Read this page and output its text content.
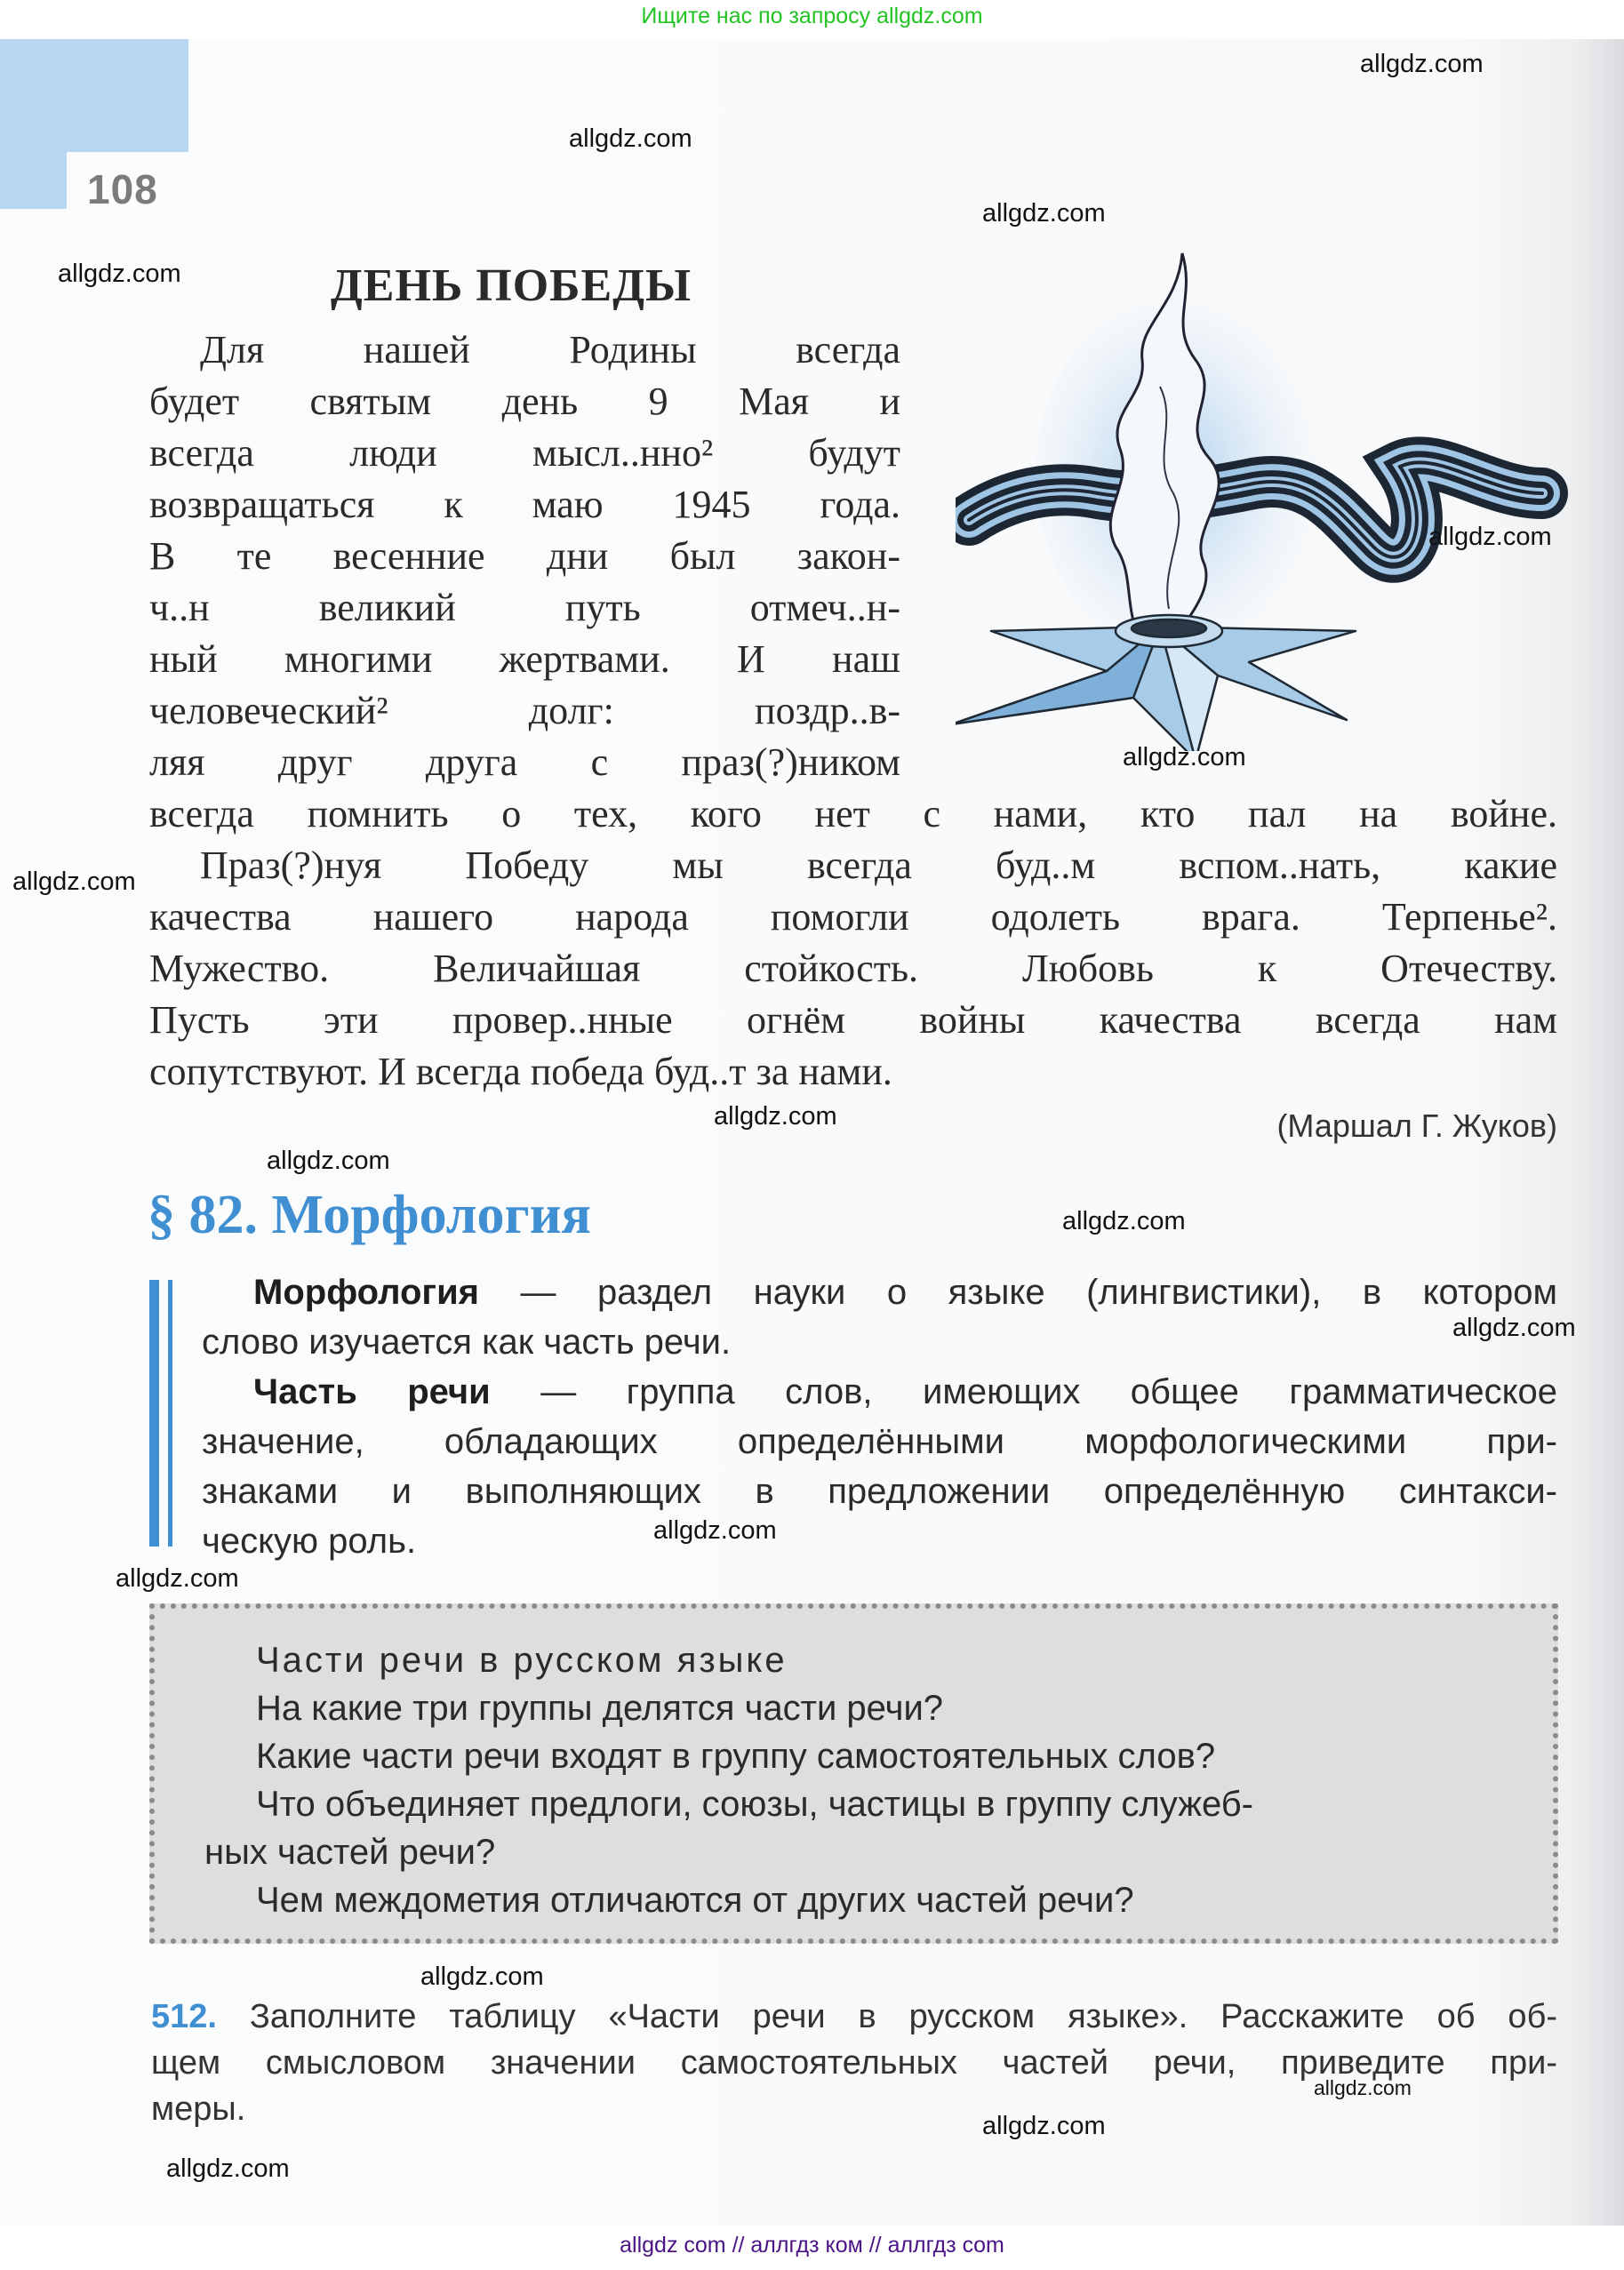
Ищите нас по запросу allgdz.com
108
ДЕНЬ ПОБЕДЫ
Для нашей Родины всегда
будет святым день 9 Мая и
всегда люди мысл..нно² будут
возвращаться к маю 1945 года.
В те весенние дни был закон-
ч..н великий путь отмеч..н-
ный многими жертвами. И наш
человеческий² долг: поздр..в-
ляя друг друга с праз(?)ником
всегда помнить о тех, кого нет с нами, кто пал на войне.
Праз(?)нуя Победу мы всегда буд..м вспом..нать, какие
качества нашего народа помогли одолеть врага. Терпенье².
Мужество. Величайшая стойкость. Любовь к Отечеству.
Пусть эти провер..нные огнём войны качества всегда нам
сопутствуют. И всегда победа буд..т за нами.
(Маршал Г. Жуков)
§ 82. Морфология
Морфология — раздел науки о языке (лингвистики), в котором
слово изучается как часть речи.
Часть речи — группа слов, имеющих общее грамматическое
значение, обладающих определёнными морфологическими при-
знаками и выполняющих в предложении определённую синтакси-
ческую роль.
Части речи в русском языке
На какие три группы делятся части речи?
Какие части речи входят в группу самостоятельных слов?
Что объединяет предлоги, союзы, частицы в группу служеб-
ных частей речи?
Чем междометия отличаются от других частей речи?
512. Заполните таблицу «Части речи в русском языке». Расскажите об об-
щем смысловом значении самостоятельных частей речи, приведите при-
меры.
allgdz.com
allgdz.com
allgdz.com
allgdz.com
allgdz.com
allgdz.com
allgdz.com
allgdz.com
allgdz.com
allgdz.com
allgdz.com
allgdz.com
allgdz.com
allgdz.com
allgdz.com
allgdz.com
allgdz.com
allgdz com // аллгдз ком // аллгдз com
